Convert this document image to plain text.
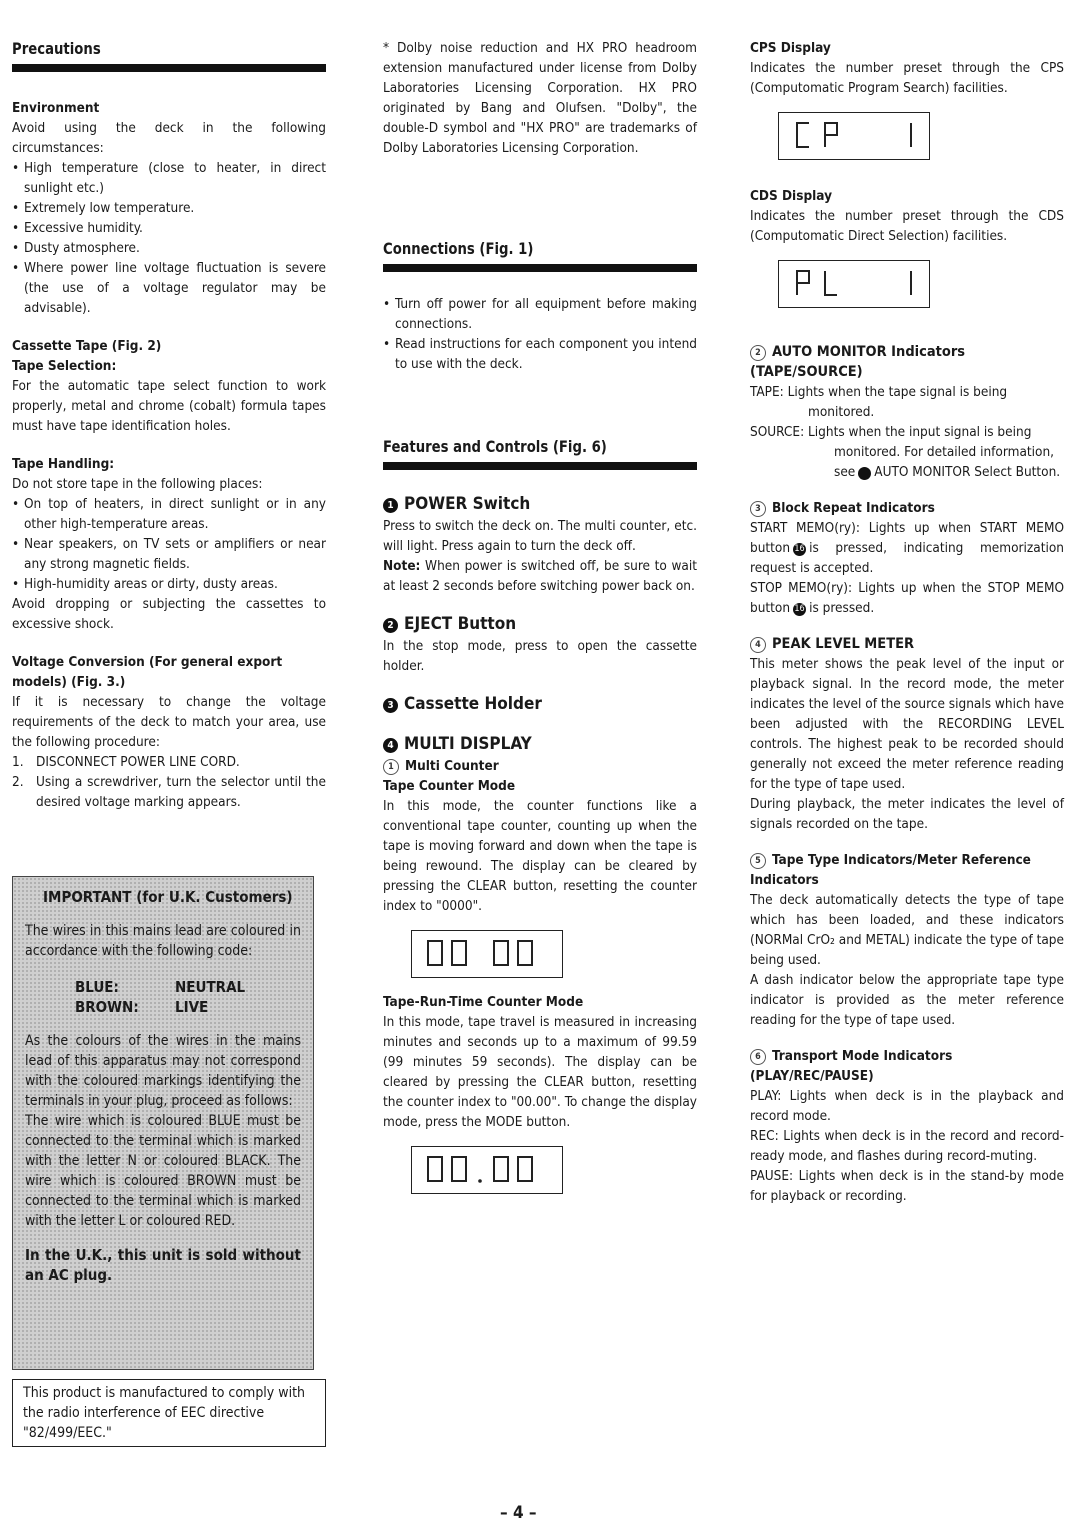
Precautions
Environment

Avoid using the deck in the following circumstances:

• High temperature (close to heater, in direct sunlight etc.)
• Extremely low temperature.
• Excessive humidity.
• Dusty atmosphere.
• Where power line voltage fluctuation is severe (the use of a voltage regulator may be advisable).
Cassette Tape (Fig. 2)
Tape Selection:

For the automatic tape select function to work properly, metal and chrome (cobalt) formula tapes must have tape identification holes.

Tape Handling:

Do not store tape in the following places:

• On top of heaters, in direct sunlight or in any other high-temperature areas.
• Near speakers, on TV sets or amplifiers or near any strong magnetic fields.
• High-humidity areas or dirty, dusty areas.

Avoid dropping or subjecting the cassettes to excessive shock.

Voltage Conversion (For general export models) (Fig. 3.)

If it is necessary to change the voltage requirements of the deck to match your area, use the following procedure:

1. DISCONNECT POWER LINE CORD.
2. Using a screwdriver, turn the selector until the desired voltage marking appears.
IMPORTANT (for U.K. Customers)

The wires in this mains lead are coloured in accordance with the following code:

BLUE:	NEUTRAL
BROWN:	LIVE

As the colours of the wires in the mains lead of this apparatus may not correspond with the coloured markings identifying the terminals in your plug, proceed as follows:

The wire which is coloured BLUE must be connected to the terminal which is marked with the letter N or coloured BLACK. The wire which is coloured BROWN must be connected to the terminal which is marked with the letter L or coloured RED.

In the U.K., this unit is sold without an AC plug.

This product is manufactured to comply with the radio interference of EEC directive "82/499/EEC."

* Dolby noise reduction and HX PRO headroom extension manufactured under license from Dolby Laboratories Licensing Corporation. HX PRO originated by Bang and Olufsen. "Dolby", the double-D symbol and "HX PRO" are trademarks of Dolby Laboratories Licensing Corporation.

Connections (Fig. 1)
• Turn off power for all equipment before making connections.
• Read instructions for each component you intend to use with the deck.
Features and Controls (Fig. 6)
1 POWER Switch

Press to switch the deck on. The multi counter, etc. will light. Press again to turn the deck off.

Note: When power is switched off, be sure to wait at least 2 seconds before switching power back on.

2 EJECT Button

In the stop mode, press to open the cassette holder.

3 Cassette Holder
4 MULTI DISPLAY
1 Multi Counter
Tape Counter Mode

In this mode, the counter functions like a conventional tape counter, counting up when the tape is moving forward and down when the tape is being rewound. The display can be cleared by pressing the CLEAR button, resetting the counter index to "0000".

Tape-Run-Time Counter Mode

In this mode, tape travel is measured in increasing minutes and seconds up to a maximum of 99.59 (99 minutes 59 seconds). The display can be cleared by pressing the CLEAR button, resetting the counter index to "00.00". To change the display mode, press the MODE button.

CPS Display

Indicates the number preset through the CPS (Computomatic Program Search) facilities.

CDS Display

Indicates the number preset through the CDS (Computomatic Direct Selection) facilities.

2 AUTO MONITOR Indicators (TAPE/SOURCE)

TAPE: Lights when the tape signal is being monitored.

SOURCE: Lights when the input signal is being monitored. For detailed information, see6	AUTO MONITOR Select Button.

3 Block Repeat Indicators

START MEMO(ry): Lights up when START MEMO button 16 is pressed, indicating memorization request is accepted.

STOP MEMO(ry): Lights up when the STOP MEMO button 16 is pressed.

4 PEAK LEVEL METER

This meter shows the peak level of the input or playback signal. In the record mode, the meter indicates the level of the source signals which have been adjusted with the RECORDING LEVEL controls. The highest peak to be recorded should generally not exceed the meter reference reading for the type of tape used.

During playback, the meter indicates the level of signals recorded on the tape.

5 Tape Type Indicators/Meter Reference Indicators

The deck automatically detects the type of tape which has been loaded, and these indicators (NORMal CrO₂ and METAL) indicate the type of tape being used.

A dash indicator below the appropriate tape type indicator is provided as the meter reference reading for the type of tape used.

6 Transport Mode Indicators (PLAY/REC/PAUSE)

PLAY: Lights when deck is in the playback and record mode.

REC: Lights when deck is in the record and record-ready mode, and flashes during record-muting.

PAUSE: Lights when deck is in the stand-by mode for playback or recording.

– 4 –
